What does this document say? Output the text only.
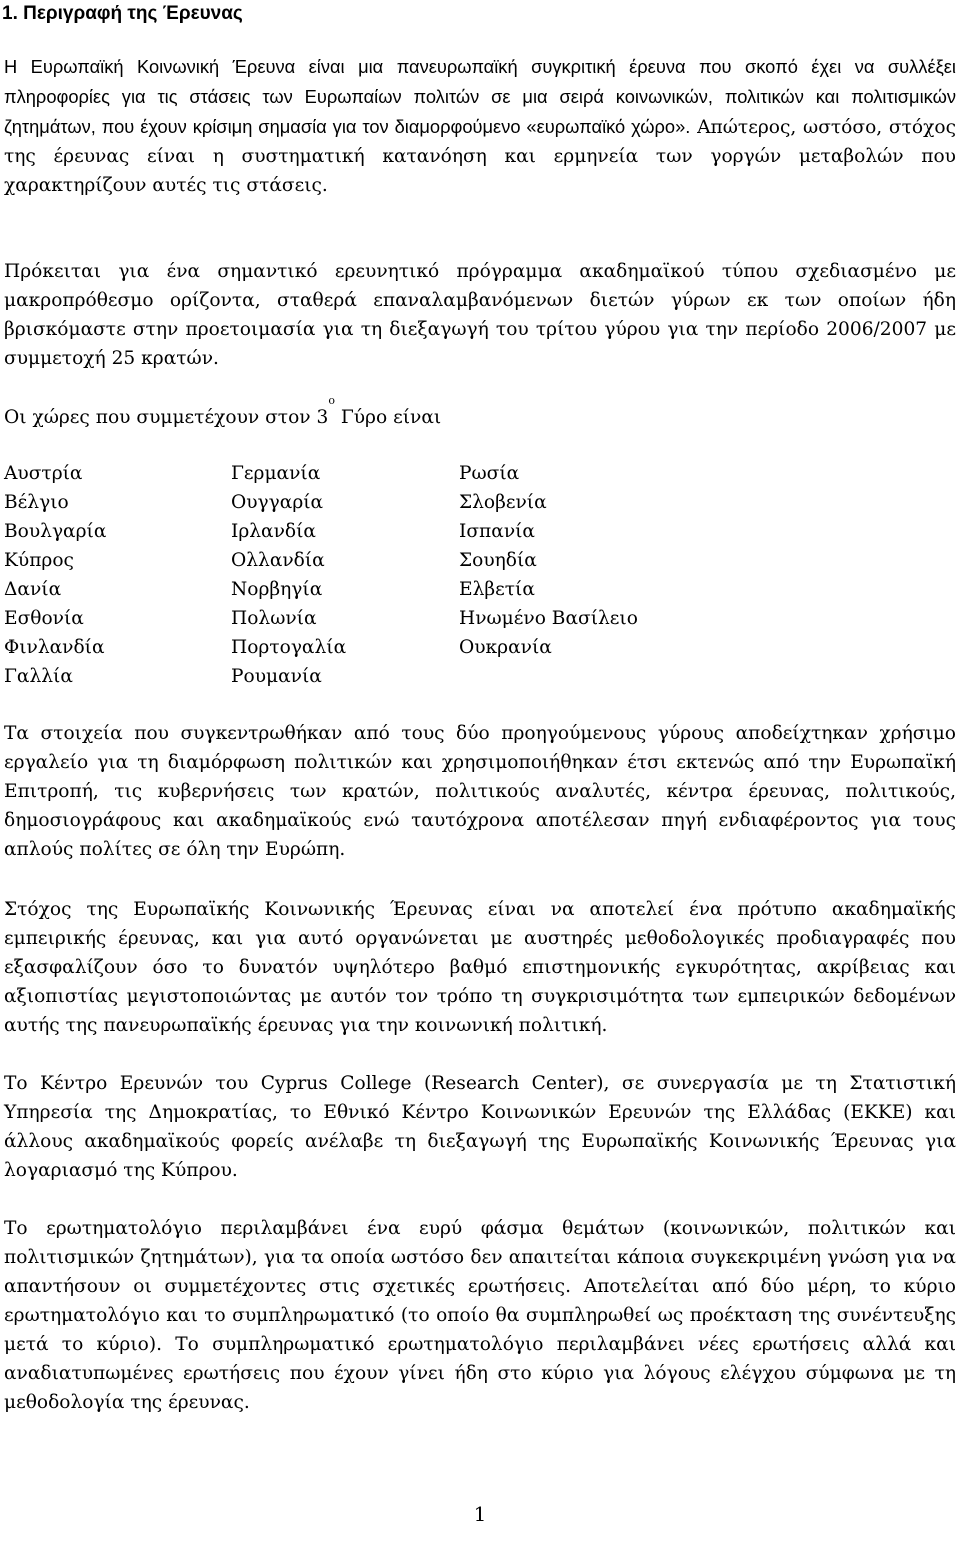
1. Περιγραφή της Έρευνας

Η Ευρωπαϊκή Κοινωνική Έρευνα είναι μια πανευρωπαϊκή συγκριτική έρευνα που σκοπό έχει να συλλέξει πληροφορίες για τις στάσεις των Ευρωπαίων πολιτών σε μια σειρά κοινωνικών, πολιτικών και πολιτισμικών ζητημάτων, που έχουν κρίσιμη σημασία για τον διαμορφούμενο «ευρωπαϊκό χώρο». Απώτερος, ωστόσο, στόχος της έρευνας είναι η συστηματική κατανόηση και ερμηνεία των γοργών μεταβολών που χαρακτηρίζουν αυτές τις στάσεις.

Πρόκειται για ένα σημαντικό ερευνητικό πρόγραμμα ακαδημαϊκού τύπου σχεδιασμένο με μακροπρόθεσμο ορίζοντα, σταθερά επαναλαμβανόμενων διετών γύρων εκ των οποίων ήδη βρισκόμαστε στην προετοιμασία για τη διεξαγωγή του τρίτου γύρου για την περίοδο 2006/2007 με συμμετοχή 25 κρατών.

Οι χώρες που συμμετέχουν στον $3^o$ Γύρο είναι

Αυστρία
Βέλγιο
Βουλγαρία
Κύπρος
Δανία
Εσθονία
Φινλανδία
Γαλλία
Γερμανία
Ουγγαρία
Ιρλανδία
Ολλανδία
Νορβηγία
Πολωνία
Πορτογαλία
Ρουμανία
Ρωσία
Σλοβενία
Ισπανία
Σουηδία
Ελβετία
Ηνωμένο Βασίλειο
Ουκρανία

Τα στοιχεία που συγκεντρωθήκαν από τους δύο προηγούμενους γύρους αποδείχτηκαν χρήσιμο εργαλείο για τη διαμόρφωση πολιτικών και χρησιμοποιήθηκαν έτσι εκτενώς από την Ευρωπαϊκή Επιτροπή, τις κυβερνήσεις των κρατών, πολιτικούς αναλυτές, κέντρα έρευνας, πολιτικούς, δημοσιογράφους και ακαδημαϊκούς ενώ ταυτόχρονα αποτέλεσαν πηγή ενδιαφέροντος για τους απλούς πολίτες σε όλη την Ευρώπη.

Στόχος της Ευρωπαϊκής Κοινωνικής Έρευνας είναι να αποτελεί ένα πρότυπο ακαδημαϊκής εμπειρικής έρευνας, και για αυτό οργανώνεται με αυστηρές μεθοδολογικές προδιαγραφές που εξασφαλίζουν όσο το δυνατόν υψηλότερο βαθμό επιστημονικής εγκυρότητας, ακρίβειας και αξιοπιστίας μεγιστοποιώντας με αυτόν τον τρόπο τη συγκρισιμότητα των εμπειρικών δεδομένων αυτής της πανευρωπαϊκής έρευνας για την κοινωνική πολιτική.

Το Κέντρο Ερευνών του Cyprus College (Research Center), σε συνεργασία με τη Στατιστική Υπηρεσία της Δημοκρατίας, το Εθνικό Κέντρο Κοινωνικών Ερευνών της Ελλάδας (ΕΚΚΕ) και άλλους ακαδημαϊκούς φορείς ανέλαβε τη διεξαγωγή της Ευρωπαϊκής Κοινωνικής Έρευνας για λογαριασμό της Κύπρου.

Το ερωτηματολόγιο περιλαμβάνει ένα ευρύ φάσμα θεμάτων (κοινωνικών, πολιτικών και πολιτισμικών ζητημάτων), για τα οποία ωστόσο δεν απαιτείται κάποια συγκεκριμένη γνώση για να απαντήσουν οι συμμετέχοντες στις σχετικές ερωτήσεις. Αποτελείται από δύο μέρη, το κύριο ερωτηματολόγιο και το συμπληρωματικό (το οποίο θα συμπληρωθεί ως προέκταση της συνέντευξης μετά το κύριο). Το συμπληρωματικό ερωτηματολόγιο περιλαμβάνει νέες ερωτήσεις αλλά και αναδιατυπωμένες ερωτήσεις που έχουν γίνει ήδη στο κύριο για λόγους ελέγχου σύμφωνα με τη μεθοδολογία της έρευνας.

1
